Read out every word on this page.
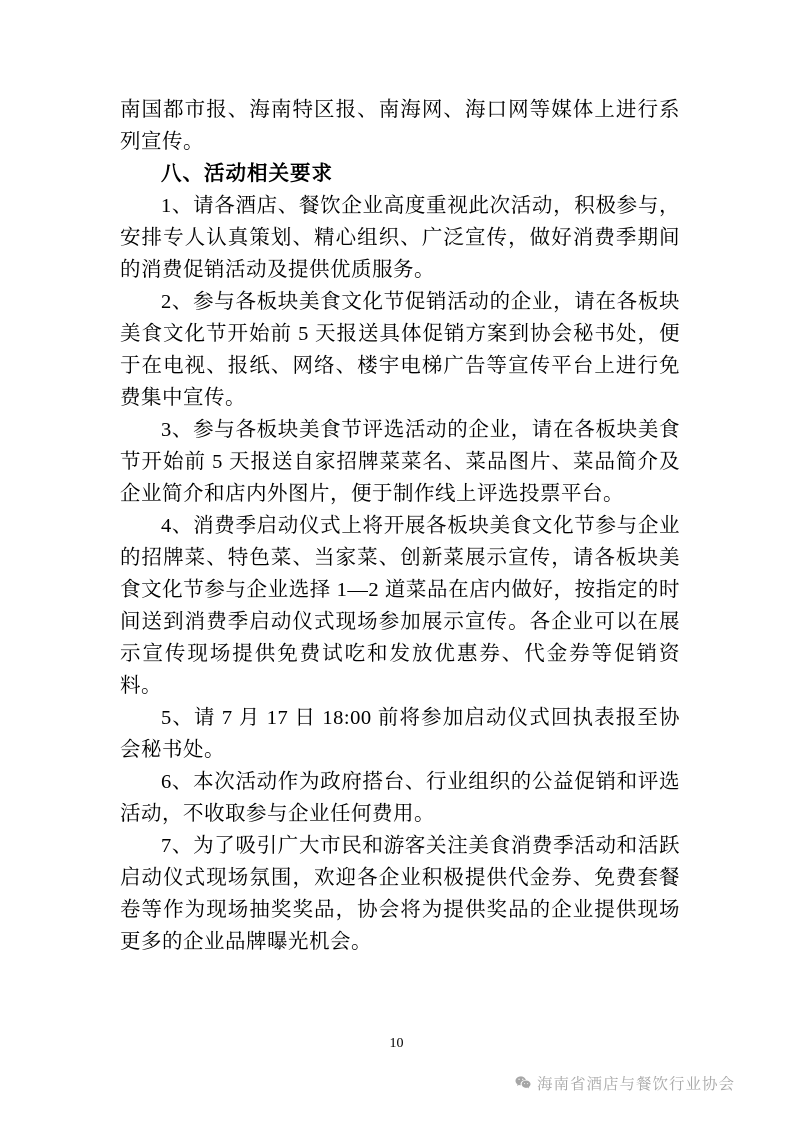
南国都市报、海南特区报、南海网、海口网等媒体上进行系列宣传。

八、活动相关要求

1、请各酒店、餐饮企业高度重视此次活动，积极参与，安排专人认真策划、精心组织、广泛宣传，做好消费季期间的消费促销活动及提供优质服务。

2、参与各板块美食文化节促销活动的企业，请在各板块美食文化节开始前 5 天报送具体促销方案到协会秘书处，便于在电视、报纸、网络、楼宇电梯广告等宣传平台上进行免费集中宣传。

3、参与各板块美食节评选活动的企业，请在各板块美食节开始前 5 天报送自家招牌菜菜名、菜品图片、菜品简介及企业简介和店内外图片，便于制作线上评选投票平台。

4、消费季启动仪式上将开展各板块美食文化节参与企业的招牌菜、特色菜、当家菜、创新菜展示宣传，请各板块美食文化节参与企业选择 1—2 道菜品在店内做好，按指定的时间送到消费季启动仪式现场参加展示宣传。各企业可以在展示宣传现场提供免费试吃和发放优惠券、代金券等促销资料。

5、请 7 月 17 日 18:00 前将参加启动仪式回执表报至协会秘书处。

6、本次活动作为政府搭台、行业组织的公益促销和评选活动，不收取参与企业任何费用。

7、为了吸引广大市民和游客关注美食消费季活动和活跃启动仪式现场氛围，欢迎各企业积极提供代金券、免费套餐卷等作为现场抽奖奖品，协会将为提供奖品的企业提供现场更多的企业品牌曝光机会。

10
海南省酒店与餐饮行业协会
